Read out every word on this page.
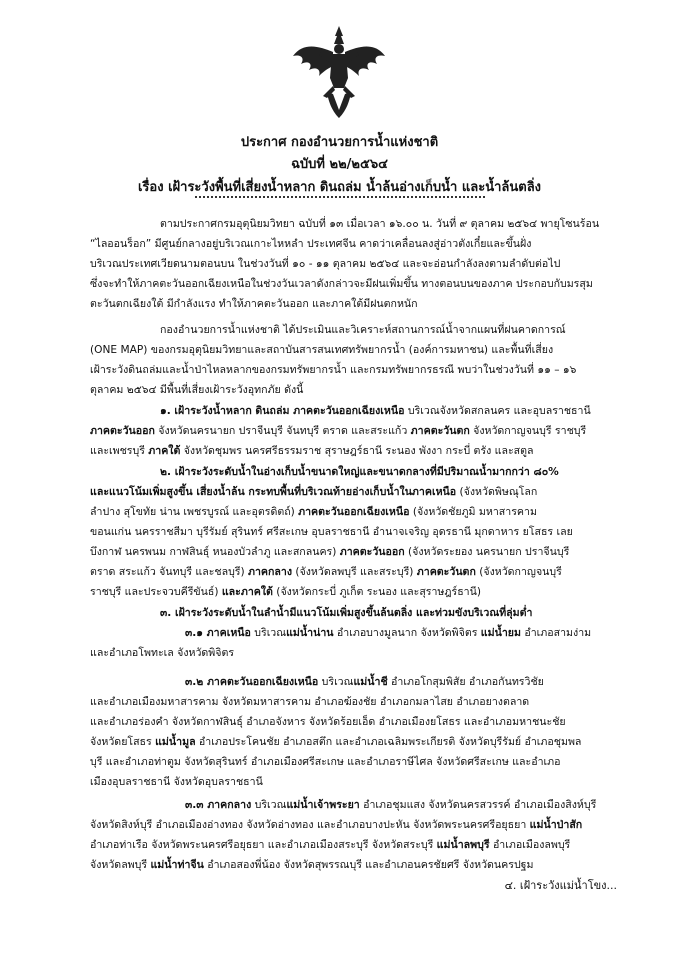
ประกาศ กองอำนวยการน้ำแห่งชาติ
ฉบับที่ ๒๒/๒๕๖๔
เรื่อง เฝ้าระวังพื้นที่เสี่ยงน้ำหลาก ดินถล่ม น้ำล้นอ่างเก็บน้ำ และน้ำล้นตลิ่ง

ตามประกาศกรมอุตุนิยมวิทยา ฉบับที่ ๑๓ เมื่อเวลา ๑๖.๐๐ น. วันที่ ๙ ตุลาคม ๒๕๖๔ พายุโซนร้อน

“ไลออนร็อก” มีศูนย์กลางอยู่บริเวณเกาะไหหลำ ประเทศจีน คาดว่าเคลื่อนลงสู่อ่าวตังเกี๋ยและขึ้นฝั่ง

บริเวณประเทศเวียดนามตอนบน ในช่วงวันที่ ๑๐ - ๑๑ ตุลาคม ๒๕๖๔ และจะอ่อนกำลังลงตามลำดับต่อไป

ซึ่งจะทำให้ภาคตะวันออกเฉียงเหนือในช่วงวันเวลาดังกล่าวจะมีฝนเพิ่มขึ้น ทางตอนบนของภาค ประกอบกับมรสุม

ตะวันตกเฉียงใต้ มีกำลังแรง ทำให้ภาคตะวันออก และภาคใต้มีฝนตกหนัก

กองอำนวยการน้ำแห่งชาติ ได้ประเมินและวิเคราะห์สถานการณ์น้ำจากแผนที่ฝนคาดการณ์

(ONE MAP) ของกรมอุตุนิยมวิทยาและสถาบันสารสนเทศทรัพยากรน้ำ (องค์การมหาชน) และพื้นที่เสี่ยง

เฝ้าระวังดินถล่มและน้ำป่าไหลหลากของกรมทรัพยากรน้ำ และกรมทรัพยากรธรณี พบว่าในช่วงวันที่ ๑๑ – ๑๖

ตุลาคม ๒๕๖๔ มีพื้นที่เสี่ยงเฝ้าระวังอุทกภัย ดังนี้

๑. เฝ้าระวังน้ำหลาก ดินถล่ม ภาคตะวันออกเฉียงเหนือ บริเวณจังหวัดสกลนคร และอุบลราชธานี

ภาคตะวันออก จังหวัดนครนายก ปราจีนบุรี จันทบุรี ตราด และสระแก้ว ภาคตะวันตก จังหวัดกาญจนบุรี ราชบุรี

และเพชรบุรี ภาคใต้ จังหวัดชุมพร นครศรีธรรมราช สุราษฎร์ธานี ระนอง พังงา กระบี่ ตรัง และสตูล

๒. เฝ้าระวังระดับน้ำในอ่างเก็บน้ำขนาดใหญ่และขนาดกลางที่มีปริมาณน้ำมากกว่า ๘๐%

และแนวโน้มเพิ่มสูงขึ้น เสี่ยงน้ำล้น กระทบพื้นที่บริเวณท้ายอ่างเก็บน้ำในภาคเหนือ (จังหวัดพิษณุโลก

ลำปาง สุโขทัย น่าน เพชรบูรณ์ และอุตรดิตถ์) ภาคตะวันออกเฉียงเหนือ (จังหวัดชัยภูมิ มหาสารคาม

ขอนแก่น นครราชสีมา บุรีรัมย์ สุรินทร์ ศรีสะเกษ อุบลราชธานี อำนาจเจริญ อุดรธานี มุกดาหาร ยโสธร เลย

บึงกาฬ นครพนม กาฬสินธุ์ หนองบัวลำภู และสกลนคร) ภาคตะวันออก (จังหวัดระยอง นครนายก ปราจีนบุรี

ตราด สระแก้ว จันทบุรี และชลบุรี) ภาคกลาง (จังหวัดลพบุรี และสระบุรี) ภาคตะวันตก (จังหวัดกาญจนบุรี

ราชบุรี และประจวบคีรีขันธ์) และภาคใต้ (จังหวัดกระบี่ ภูเก็ต ระนอง และสุราษฎร์ธานี)

๓. เฝ้าระวังระดับน้ำในลำน้ำมีแนวโน้มเพิ่มสูงขึ้นล้นตลิ่ง และท่วมขังบริเวณที่ลุ่มต่ำ

๓.๑ ภาคเหนือ บริเวณแม่น้ำน่าน อำเภอบางมูลนาก จังหวัดพิจิตร แม่น้ำยม อำเภอสามง่าม

และอำเภอโพทะเล จังหวัดพิจิตร

๓.๒ ภาคตะวันออกเฉียงเหนือ บริเวณแม่น้ำชี อำเภอโกสุมพิสัย อำเภอกันทรวิชัย

และอำเภอเมืองมหาสารคาม จังหวัดมหาสารคาม อำเภอฆ้องชัย อำเภอกมลาไสย อำเภอยางตลาด

และอำเภอร่องคำ จังหวัดกาฬสินธุ์ อำเภอจังหาร จังหวัดร้อยเอ็ด อำเภอเมืองยโสธร และอำเภอมหาชนะชัย

จังหวัดยโสธร แม่น้ำมูล อำเภอประโคนชัย อำเภอสตึก และอำเภอเฉลิมพระเกียรติ จังหวัดบุรีรัมย์ อำเภอชุมพล

บุรี และอำเภอท่าตูม จังหวัดสุรินทร์ อำเภอเมืองศรีสะเกษ และอำเภอราษีไศล จังหวัดศรีสะเกษ และอำเภอ

เมืองอุบลราชธานี จังหวัดอุบลราชธานี

๓.๓ ภาคกลาง บริเวณแม่น้ำเจ้าพระยา อำเภอชุมแสง จังหวัดนครสวรรค์ อำเภอเมืองสิงห์บุรี

จังหวัดสิงห์บุรี อำเภอเมืองอ่างทอง จังหวัดอ่างทอง และอำเภอบางปะหัน จังหวัดพระนครศรีอยุธยา แม่น้ำป่าสัก

อำเภอท่าเรือ จังหวัดพระนครศรีอยุธยา และอำเภอเมืองสระบุรี จังหวัดสระบุรี แม่น้ำลพบุรี อำเภอเมืองลพบุรี

จังหวัดลพบุรี แม่น้ำท่าจีน อำเภอสองพี่น้อง จังหวัดสุพรรณบุรี และอำเภอนครชัยศรี จังหวัดนครปฐม

๔. เฝ้าระวังแม่น้ำโขง...
